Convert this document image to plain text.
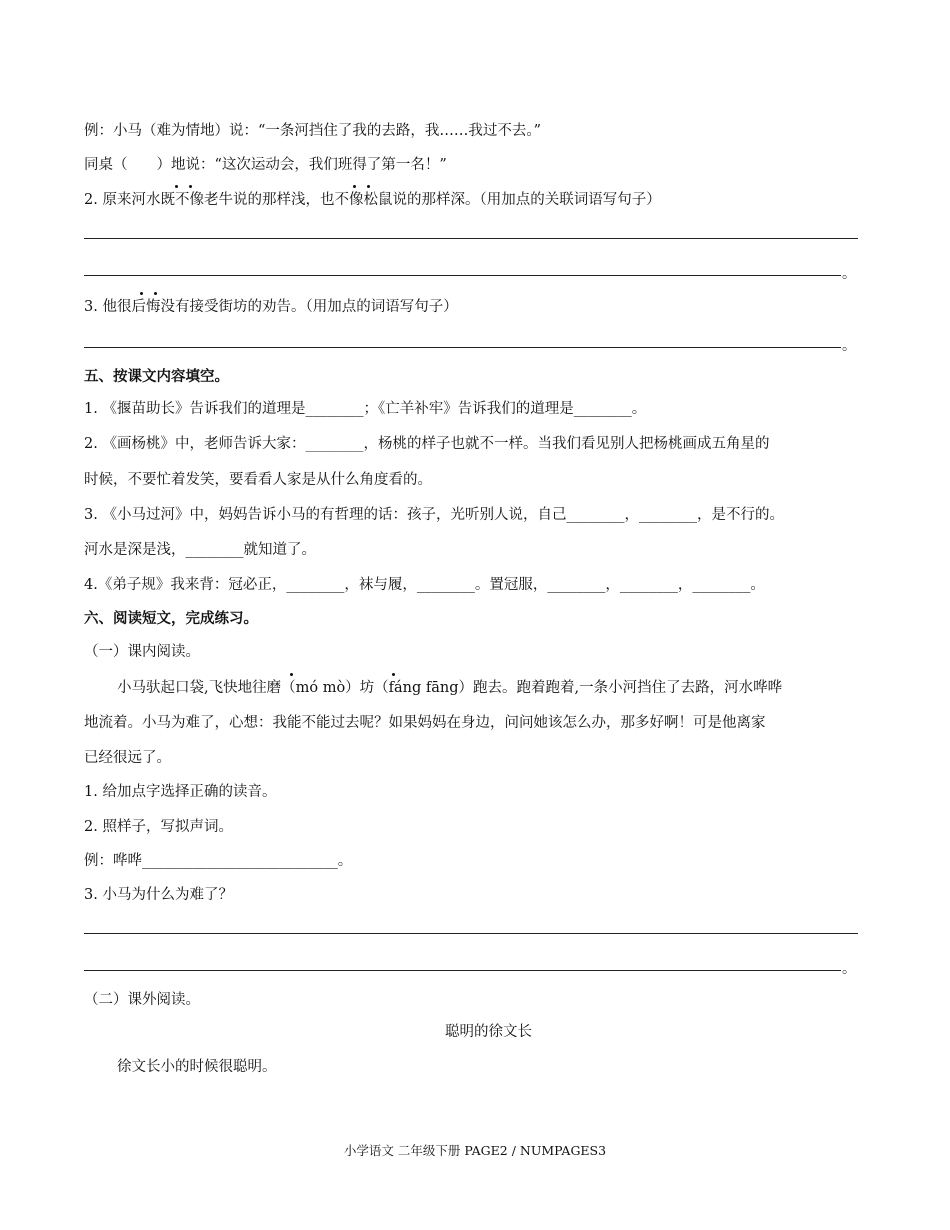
例：小马（难为情地）说：“一条河挡住了我的去路，我……我过不去。”
同桌（　　）地说：“这次运动会，我们班得了第一名！”
2. 原来河水既不像老牛说的那样浅，也不像松鼠说的那样深。（用加点的关联词语写句子）
。
3. 他很后悔没有接受街坊的劝告。（用加点的词语写句子）
。
五、按课文内容填空。
1. 《揠苗助长》告诉我们的道理是________；《亡羊补牢》告诉我们的道理是________。
2. 《画杨桃》中，老师告诉大家：________，杨桃的样子也就不一样。当我们看见别人把杨桃画成五角星的
时候，不要忙着发笑，要看看人家是从什么角度看的。
3. 《小马过河》中，妈妈告诉小马的有哲理的话：孩子，光听别人说，自己________，________，是不行的。
河水是深是浅，________就知道了。
4.《弟子规》我来背：冠必正，________，袜与履，________。置冠服，________，________，________。
六、阅读短文，完成练习。
（一）课内阅读。
小马驮起口袋,飞快地往磨（mó mò）坊（fáng fāng）跑去。跑着跑着,一条小河挡住了去路，河水哗哗
地流着。小马为难了，心想：我能不能过去呢？如果妈妈在身边，问问她该怎么办，那多好啊！可是他离家
已经很远了。
1. 给加点字选择正确的读音。
2. 照样子，写拟声词。
例：哗哗___________________________。
3. 小马为什么为难了？
。
（二）课外阅读。
聪明的徐文长
徐文长小的时候很聪明。
小学语文 二年级下册 PAGE2 / NUMPAGES3
